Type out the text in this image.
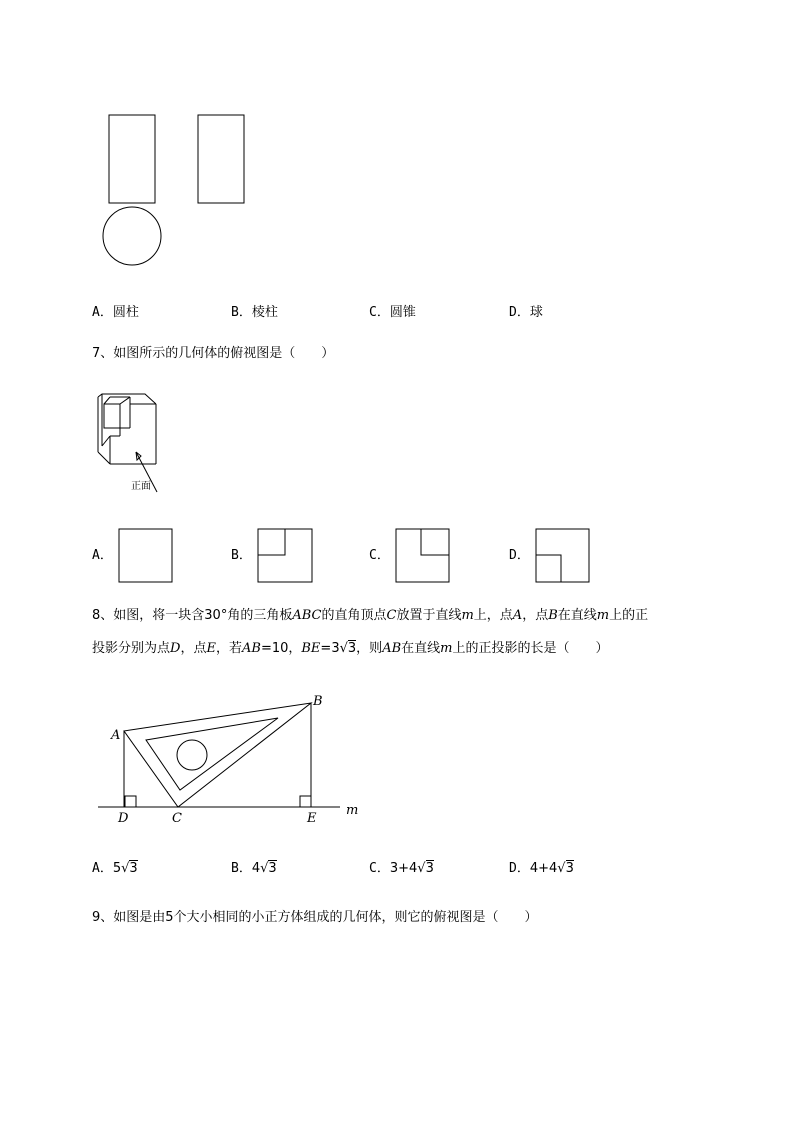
A．圆柱	B．棱柱	C．圆锥	D．球
7、如图所示的几何体的俯视图是（　　）
正面
A．	B．	C．	D．
8、如图，将一块含30°角的三角板ABC的直角顶点C放置于直线m上，点A，点B在直线m上的正
投影分别为点D，点E，若AB=10，BE=3√3，则AB在直线m上的正投影的长是（　　）
A
B
C
D	E
m
A．5√3	B．4√3	C．3+4√3	D．4+4√3
9、如图是由5个大小相同的小正方体组成的几何体，则它的俯视图是（　　）
